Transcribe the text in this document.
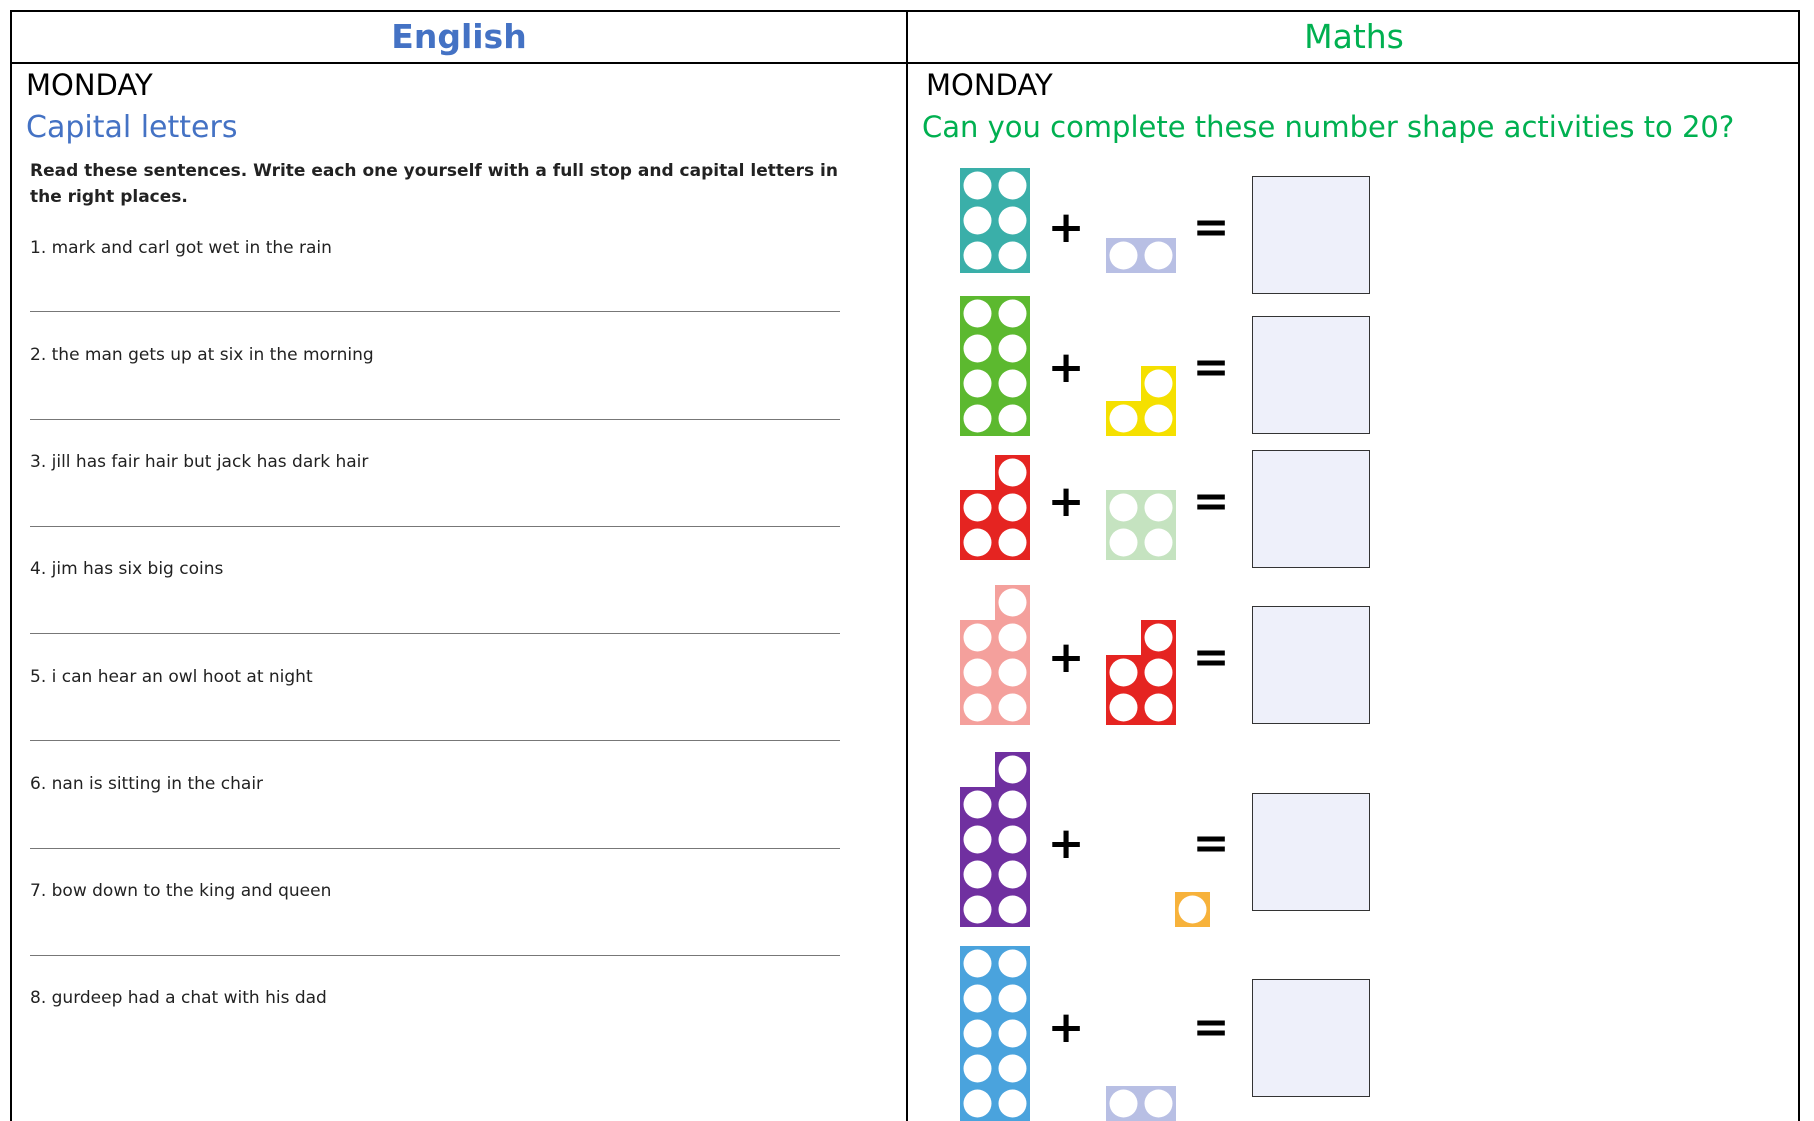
English	Maths
MONDAY	MONDAY
Capital letters	Can you complete these number shape activities to 20?
Read these sentences. Write each one yourself with a full stop and capital letters in the right places.
1. mark and carl got wet in the rain
2. the man gets up at six in the morning
3. jill has fair hair but jack has dark hair
4. jim has six big coins
5. i can hear an owl hoot at night
6. nan is sitting in the chair
7. bow down to the king and queen
8. gurdeep had a chat with his dad
+ =
+ =
+ =
+ =
+ =
+ =
